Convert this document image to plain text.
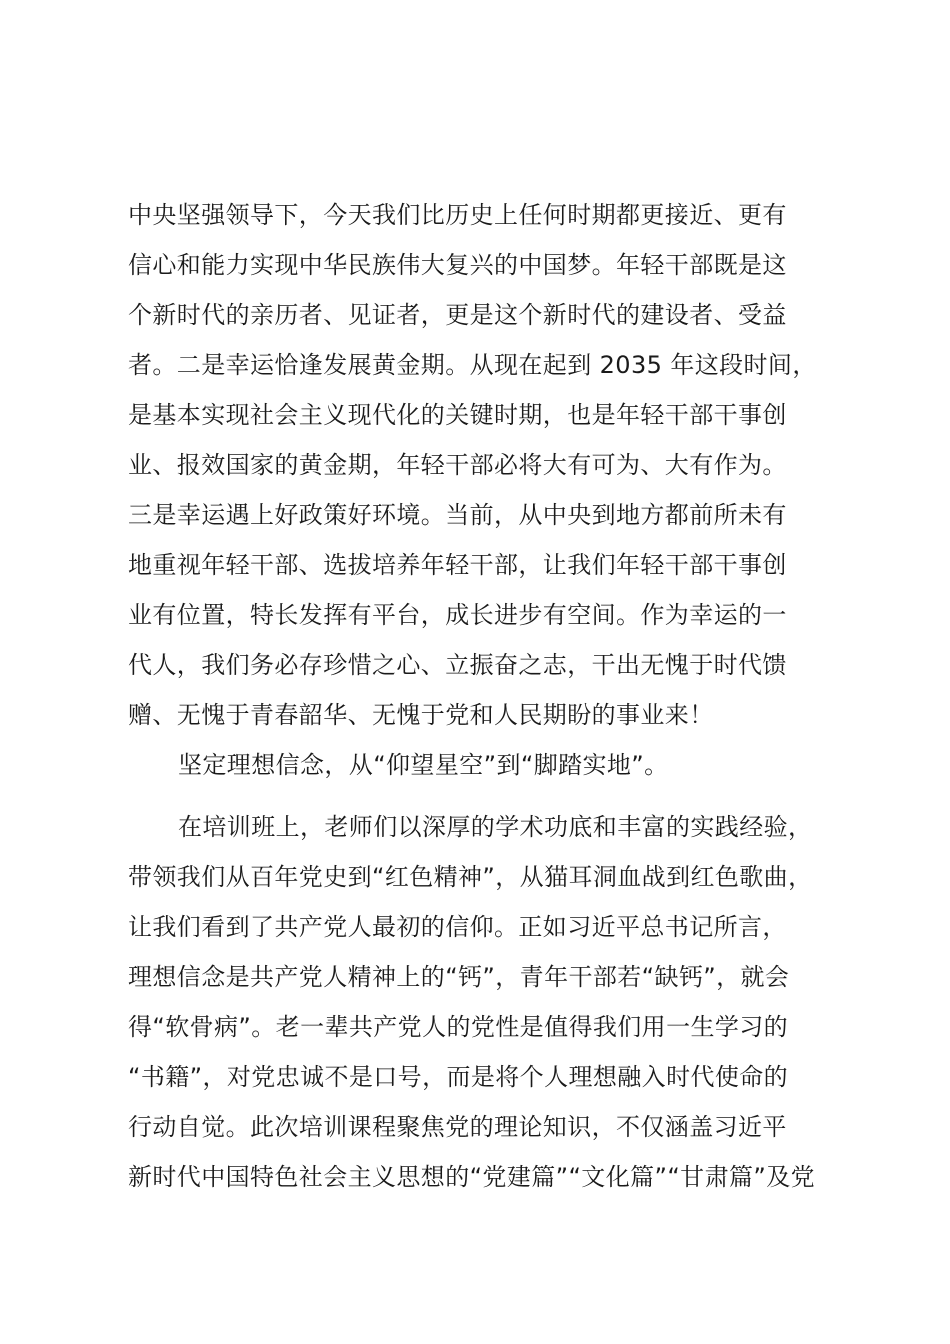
中央坚强领导下，今天我们比历史上任何时期都更接近、更有
信心和能力实现中华民族伟大复兴的中国梦。年轻干部既是这
个新时代的亲历者、见证者，更是这个新时代的建设者、受益
者。二是幸运恰逢发展黄金期。从现在起到 2035 年这段时间，
是基本实现社会主义现代化的关键时期，也是年轻干部干事创
业、报效国家的黄金期，年轻干部必将大有可为、大有作为。
三是幸运遇上好政策好环境。当前，从中央到地方都前所未有
地重视年轻干部、选拔培养年轻干部，让我们年轻干部干事创
业有位置，特长发挥有平台，成长进步有空间。作为幸运的一
代人，我们务必存珍惜之心、立振奋之志，干出无愧于时代馈
赠、无愧于青春韶华、无愧于党和人民期盼的事业来！
坚定理想信念，从“仰望星空”到“脚踏实地”。
在培训班上，老师们以深厚的学术功底和丰富的实践经验，
带领我们从百年党史到“红色精神”，从猫耳洞血战到红色歌曲，
让我们看到了共产党人最初的信仰。正如习近平总书记所言，
理想信念是共产党人精神上的“钙”，青年干部若“缺钙”，就会
得“软骨病”。老一辈共产党人的党性是值得我们用一生学习的
“书籍”，对党忠诚不是口号，而是将个人理想融入时代使命的
行动自觉。此次培训课程聚焦党的理论知识，不仅涵盖习近平
新时代中国特色社会主义思想的“党建篇”“文化篇”“甘肃篇”及党
